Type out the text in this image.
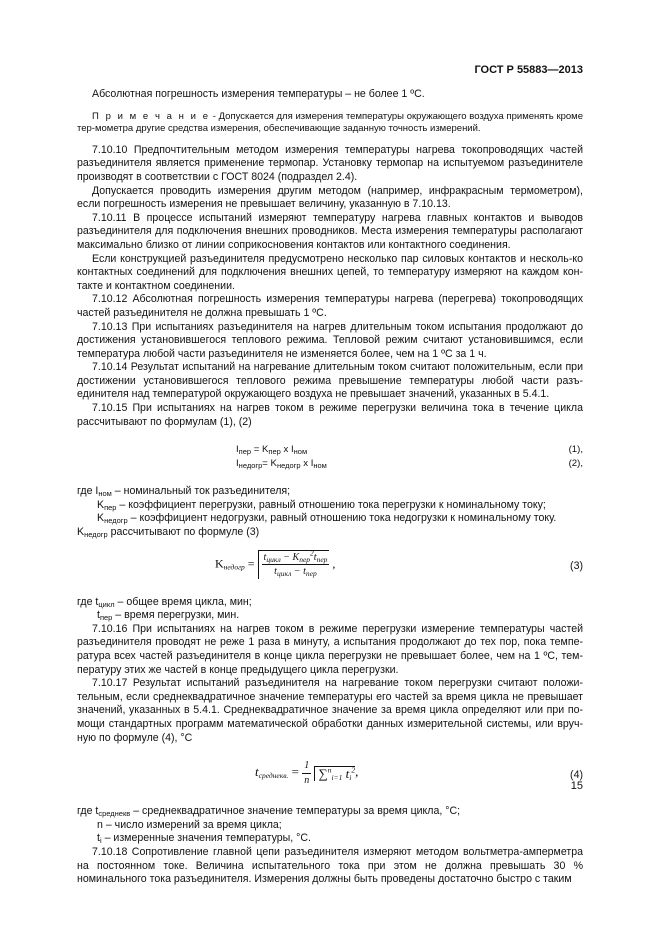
ГОСТ Р 55883—2013

Абсолютная погрешность измерения температуры – не более 1 ºС.

П р и м е ч а н и е - Допускается для измерения температуры окружающего воздуха применять кроме тер-мометра другие средства измерения, обеспечивающие заданную точность измерений.

7.10.10 Предпочтительным методом измерения температуры нагрева токопроводящих частей разъединителя является применение термопар. Установку термопар на испытуемом разъединителе производят в соответствии с ГОСТ 8024 (подраздел 2.4).

Допускается проводить измерения другим методом (например, инфракрасным термометром), если погрешность измерения не превышает величину, указанную в 7.10.13.

7.10.11 В процессе испытаний измеряют температуру нагрева главных контактов и выводов разъединителя для подключения внешних проводников. Места измерения температуры располагают максимально близко от линии соприкосновения контактов или контактного соединения.

Если конструкцией разъединителя предусмотрено несколько пар силовых контактов и несколь-ко контактных соединений для подключения внешних цепей, то температуру измеряют на каждом кон-такте и контактном соединении.

7.10.12 Абсолютная погрешность измерения температуры нагрева (перегрева) токопроводящих частей разъединителя не должна превышать 1 ºС.

7.10.13 При испытаниях разъединителя на нагрев длительным током испытания продолжают до достижения установившегося теплового режима. Тепловой режим считают установившимся, если температура любой части разъединителя не изменяется более, чем на 1 ºС за 1 ч.

7.10.14 Результат испытаний на нагревание длительным током считают положительным, если при достижении установившегося теплового режима превышение температуры любой части разъ-единителя над температурой окружающего воздуха не превышает значений, указанных в 5.4.1.

7.10.15 При испытаниях на нагрев током в режиме перегрузки величина тока в течение цикла рассчитывают по формулам (1), (2)

$I_{пер} = K_{пер}$ x $I_{ном}$	(1),
$I_{недогр}= K_{недогр}$ x $I_{ном}$	(2),

где $I_{ном}$ – номинальный ток разъединителя;

$K_{пер}$ – коэффициент перегрузки, равный отношению тока перегрузки к номинальному току;

$K_{недогр}$ – коэффициент недогрузки, равный отношению тока недогрузки к номинальному току.

$K_{недогр}$ рассчитывают по формуле (3)

$K_{недогр} = \frac{t_{цикл} - K_{пер}^2t_{пер}}{t_{цикл} - t_{пер}}$ ,	(3)

где $t_{цикл}$ – общее время цикла, мин;

$t_{пер}$ – время перегрузки, мин.

7.10.16 При испытаниях на нагрев током в режиме перегрузки измерение температуры частей разъединителя проводят не реже 1 раза в минуту, а испытания продолжают до тех пор, пока темпе-ратура всех частей разъединителя в конце цикла перегрузки не превышает более, чем на 1 ºС, тем-пературу этих же частей в конце предыдущего цикла перегрузки.

7.10.17 Результат испытаний разъединителя на нагревание током перегрузки считают положи-тельным, если среднеквадратичное значение температуры его частей за время цикла не превышает значений, указанных в 5.4.1. Среднеквадратичное значение за время цикла определяют или при по-мощи стандартных программ математической обработки данных измерительной системы, или вруч-ную по формуле (4), °С

$t_{среднекв.} = \frac{1}{n} \sum^n_{i=1}$ $t_i^2$,	(4)

где $t_{среднекв}$ – среднеквадратичное значение температуры за время цикла, °С;

n – число измерений за время цикла;

$t_i$ – измеренные значения температуры, °С.

7.10.18 Сопротивление главной цепи разъединителя измеряют методом вольтметра-амперметра на постоянном токе. Величина испытательного тока при этом не должна превышать 30 % номинального тока разъединителя. Измерения должны быть проведены достаточно быстро с таким

15
